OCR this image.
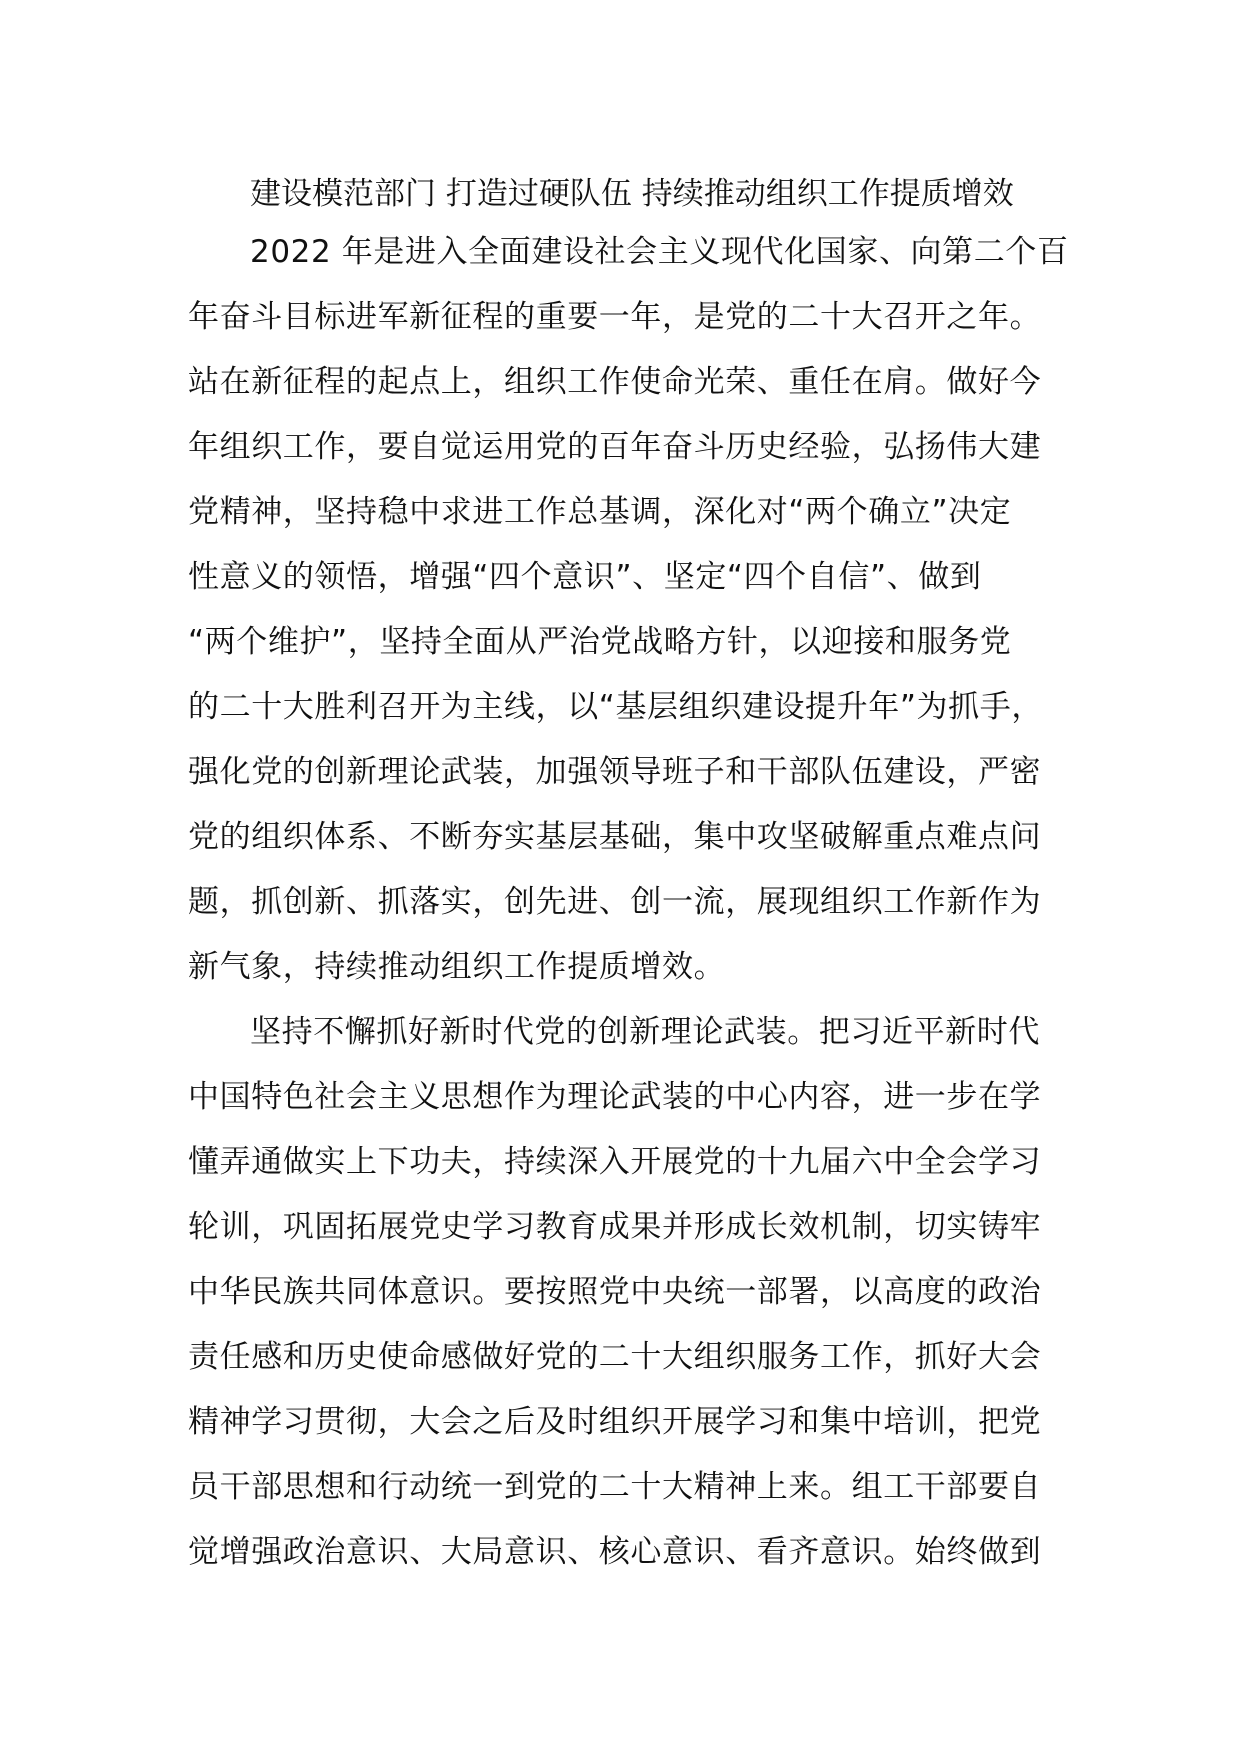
建设模范部门 打造过硬队伍 持续推动组织工作提质增效
2022 年是进入全面建设社会主义现代化国家、向第二个百
年奋斗目标进军新征程的重要一年，是党的二十大召开之年。
站在新征程的起点上，组织工作使命光荣、重任在肩。做好今
年组织工作，要自觉运用党的百年奋斗历史经验，弘扬伟大建
党精神，坚持稳中求进工作总基调，深化对“两个确立”决定
性意义的领悟，增强“四个意识”、坚定“四个自信”、做到
“两个维护”，坚持全面从严治党战略方针，以迎接和服务党
的二十大胜利召开为主线，以“基层组织建设提升年”为抓手，
强化党的创新理论武装，加强领导班子和干部队伍建设，严密
党的组织体系、不断夯实基层基础，集中攻坚破解重点难点问
题，抓创新、抓落实，创先进、创一流，展现组织工作新作为
新气象，持续推动组织工作提质增效。
坚持不懈抓好新时代党的创新理论武装。把习近平新时代
中国特色社会主义思想作为理论武装的中心内容，进一步在学
懂弄通做实上下功夫，持续深入开展党的十九届六中全会学习
轮训，巩固拓展党史学习教育成果并形成长效机制，切实铸牢
中华民族共同体意识。要按照党中央统一部署，以高度的政治
责任感和历史使命感做好党的二十大组织服务工作，抓好大会
精神学习贯彻，大会之后及时组织开展学习和集中培训，把党
员干部思想和行动统一到党的二十大精神上来。组工干部要自
觉增强政治意识、大局意识、核心意识、看齐意识。始终做到
